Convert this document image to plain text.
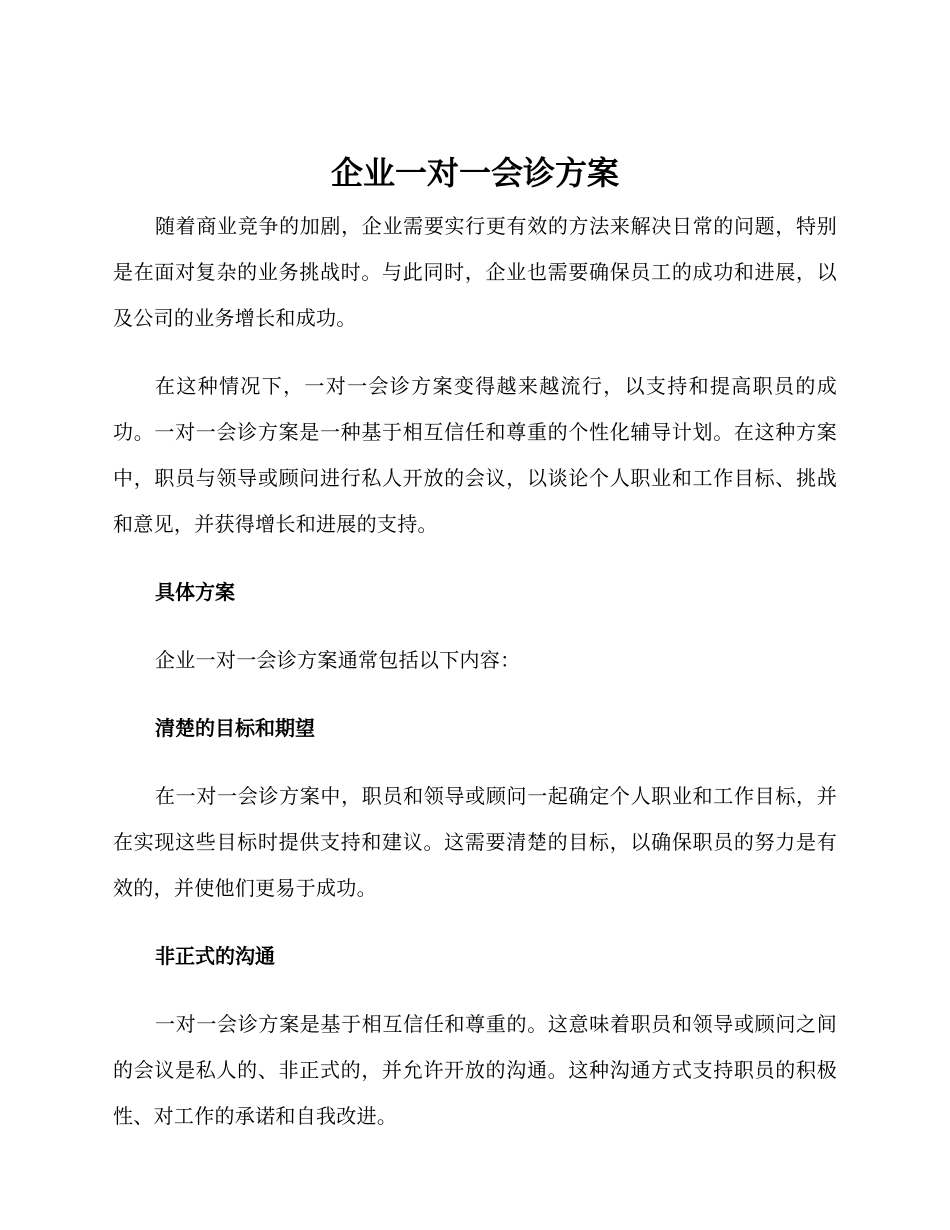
企业一对一会诊方案

随着商业竞争的加剧，企业需要实行更有效的方法来解决日常的问题，特别是在面对复杂的业务挑战时。与此同时，企业也需要确保员工的成功和进展，以及公司的业务增长和成功。

在这种情况下，一对一会诊方案变得越来越流行，以支持和提高职员的成功。一对一会诊方案是一种基于相互信任和尊重的个性化辅导计划。在这种方案中，职员与领导或顾问进行私人开放的会议，以谈论个人职业和工作目标、挑战和意见，并获得增长和进展的支持。

具体方案

企业一对一会诊方案通常包括以下内容：

清楚的目标和期望

在一对一会诊方案中，职员和领导或顾问一起确定个人职业和工作目标，并在实现这些目标时提供支持和建议。这需要清楚的目标，以确保职员的努力是有效的，并使他们更易于成功。

非正式的沟通

一对一会诊方案是基于相互信任和尊重的。这意味着职员和领导或顾问之间的会议是私人的、非正式的，并允许开放的沟通。这种沟通方式支持职员的积极性、对工作的承诺和自我改进。
